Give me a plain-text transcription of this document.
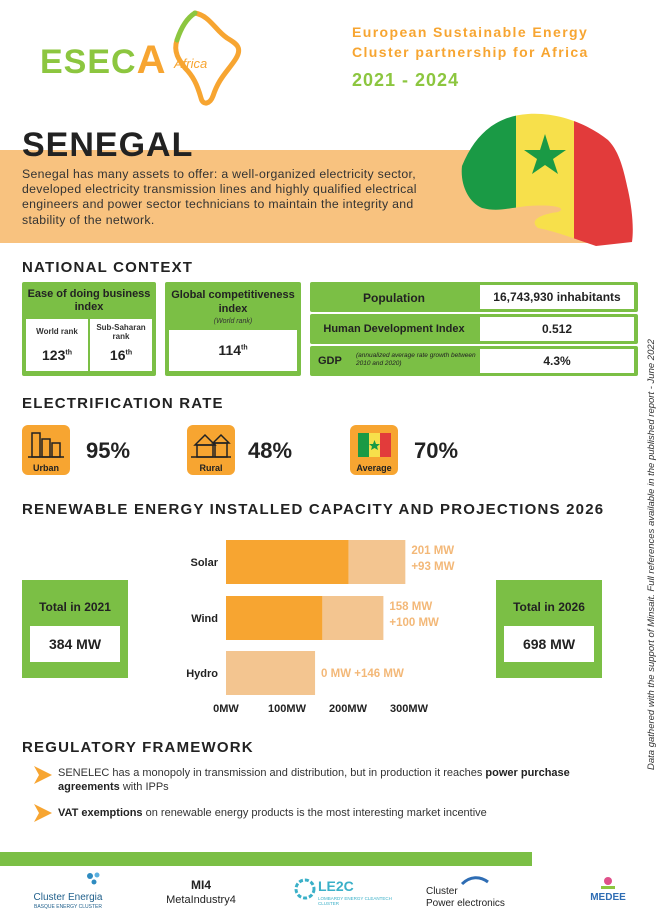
ESECA Africa
European Sustainable Energy
Cluster partnership for Africa
2021 - 2024
SENEGAL
Senegal has many assets to offer: a well-organized electricity sector, developed electricity transmission lines and highly qualified electrical engineers and power sector technicians to maintain the integrity and stability of the network.
NATIONAL CONTEXT
Ease of doing business index
World rank
123th
Sub-Saharan rank
16th
Global competitiveness index
(World rank)
114th
Population	16,743,930 inhabitants
Human Development Index	0.512
GDP (annualized average rate growth between 2010 and 2020)	4.3%
ELECTRIFICATION RATE
Urban
95%
Rural
48%
Average
70%
RENEWABLE ENERGY INSTALLED CAPACITY AND PROJECTIONS 2026
Total in 2021
384 MW
Total in 2026
698 MW
Solar
201 MW
+93 MW
Wind
158 MW
+100 MW
Hydro	0 MW +146 MW
0MW	100MW 200MW 300MW
REGULATORY FRAMEWORK
SENELEC has a monopoly in transmission and distribution, but in production it reaches power purchase agreements with IPPs
VAT exemptions on renewable energy products is the most interesting market incentive
Data gathered with the support of Minsait. Full references available in the published report - June 2022
Cluster Energia
BASQUE ENERGY CLUSTER
MI4
MetaIndustry4
LE2C
LOMBARDY ENERGY CLEANTECH CLUSTER
Cluster
Power electronics
MEDEE
